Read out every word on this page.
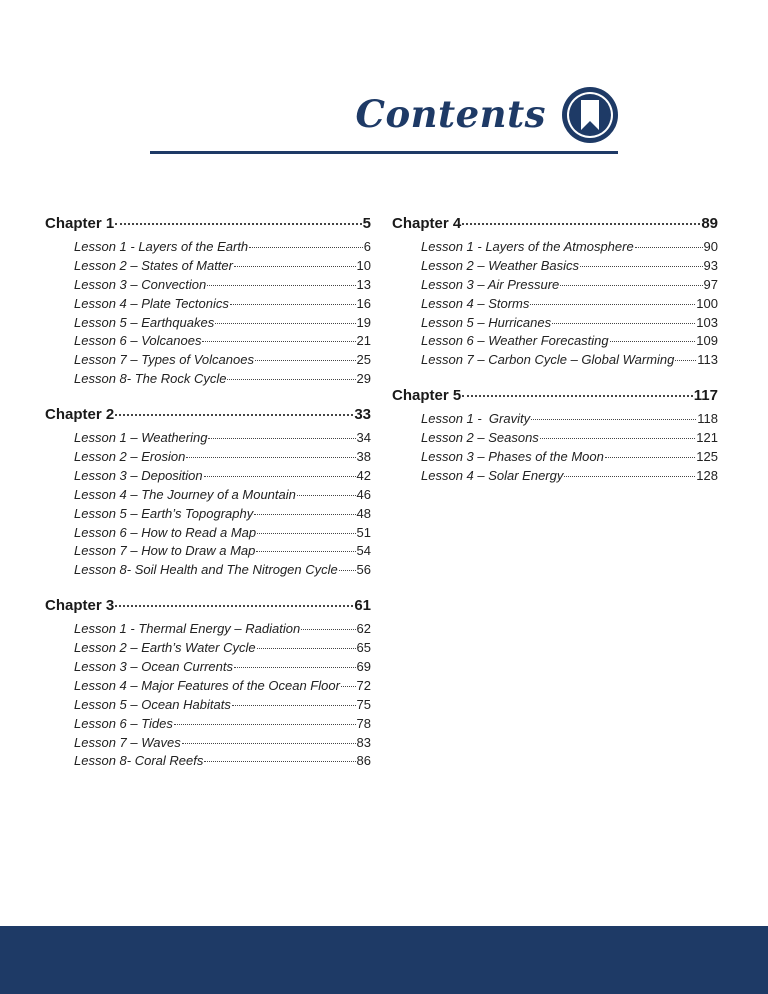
Contents
Chapter 1	5
Lesson 1 - Layers of the Earth	6
Lesson 2 – States of Matter	10
Lesson 3 – Convection	13
Lesson 4 – Plate Tectonics	16
Lesson 5 – Earthquakes	19
Lesson 6 – Volcanoes	21
Lesson 7 – Types of Volcanoes	25
Lesson 8- The Rock Cycle	29
Chapter 2	33
Lesson 1 – Weathering	34
Lesson 2 – Erosion	38
Lesson 3 – Deposition	42
Lesson 4 – The Journey of a Mountain	46
Lesson 5 – Earth’s Topography	48
Lesson 6 – How to Read a Map	51
Lesson 7 – How to Draw a Map	54
Lesson 8- Soil Health and The Nitrogen Cycle 56
Chapter 3	61
Lesson 1 - Thermal Energy – Radiation	62
Lesson 2 – Earth’s Water Cycle	65
Lesson 3 – Ocean Currents	69
Lesson 4 – Major Features of the Ocean Floor 72
Lesson 5 – Ocean Habitats	75
Lesson 6 – Tides	78
Lesson 7 – Waves	83
Lesson 8- Coral Reefs	86
Chapter 4	89
Lesson 1 - Layers of the Atmosphere	90
Lesson 2 – Weather Basics	93
Lesson 3 – Air Pressure	97
Lesson 4 – Storms	100
Lesson 5 – Hurricanes	103
Lesson 6 – Weather Forecasting	109
Lesson 7 – Carbon Cycle – Global Warming 113
Chapter 5	117
Lesson 1 -  Gravity	118
Lesson 2 – Seasons	121
Lesson 3 – Phases of the Moon	125
Lesson 4 – Solar Energy	128
